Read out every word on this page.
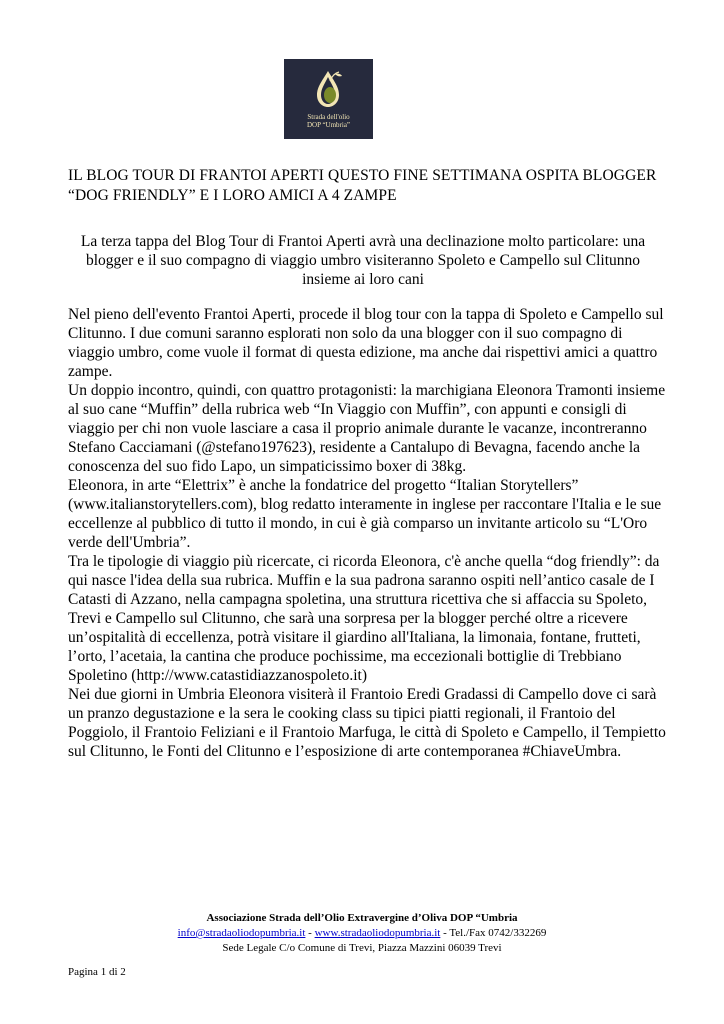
Strada dell'olio
DOP “Umbria”
IL BLOG TOUR DI FRANTOI APERTI QUESTO FINE SETTIMANA OSPITA BLOGGER “DOG FRIENDLY” E I LORO AMICI A 4 ZAMPE
La terza tappa del Blog Tour di Frantoi Aperti avrà una declinazione molto particolare: una blogger e il suo compagno di viaggio umbro visiteranno Spoleto e Campello sul Clitunno insieme ai loro cani

Nel pieno dell'evento Frantoi Aperti, procede il blog tour con la tappa di Spoleto e Campello sul Clitunno. I due comuni saranno esplorati non solo da una blogger con il suo compagno di viaggio umbro, come vuole il format di questa edizione, ma anche dai rispettivi amici a quattro zampe.

Un doppio incontro, quindi, con quattro protagonisti: la marchigiana Eleonora Tramonti insieme al suo cane “Muffin” della rubrica web “In Viaggio con Muffin”, con appunti e consigli di viaggio per chi non vuole lasciare a casa il proprio animale durante le vacanze, incontreranno Stefano Cacciamani (@stefano197623), residente a Cantalupo di Bevagna, facendo anche la conoscenza del suo fido Lapo, un simpaticissimo boxer di 38kg.

Eleonora, in arte “Elettrix” è anche la fondatrice del progetto “Italian Storytellers” (www.italianstorytellers.com), blog redatto interamente in inglese per raccontare l'Italia e le sue eccellenze al pubblico di tutto il mondo, in cui è già comparso un invitante articolo su “L'Oro verde dell'Umbria”.

Tra le tipologie di viaggio più ricercate, ci ricorda Eleonora, c'è anche quella “dog friendly”: da qui nasce l'idea della sua rubrica. Muffin e la sua padrona saranno ospiti nell’antico casale de I Catasti di Azzano, nella campagna spoletina, una struttura ricettiva che si affaccia su Spoleto, Trevi e Campello sul Clitunno, che sarà una sorpresa per la blogger perché oltre a ricevere un’ospitalità di eccellenza, potrà visitare il giardino all'Italiana, la limonaia, fontane, frutteti, l’orto, l’acetaia, la cantina che produce pochissime, ma eccezionali bottiglie di Trebbiano Spoletino (http://www.catastidiazzanospoleto.it)

Nei due giorni in Umbria Eleonora visiterà il Frantoio Eredi Gradassi di Campello dove ci sarà un pranzo degustazione e la sera le cooking class su tipici piatti regionali, il Frantoio del Poggiolo, il Frantoio Feliziani e il Frantoio Marfuga, le città di Spoleto e Campello, il Tempietto sul Clitunno, le Fonti del Clitunno e l’esposizione di arte contemporanea #ChiaveUmbra.

Associazione Strada dell’Olio Extravergine d’Oliva DOP “Umbria
info@stradaoliodopumbria.it - www.stradaoliodopumbria.it - Tel./Fax 0742/332269
Sede Legale C/o Comune di Trevi, Piazza Mazzini 06039 Trevi
Pagina 1 di 2
